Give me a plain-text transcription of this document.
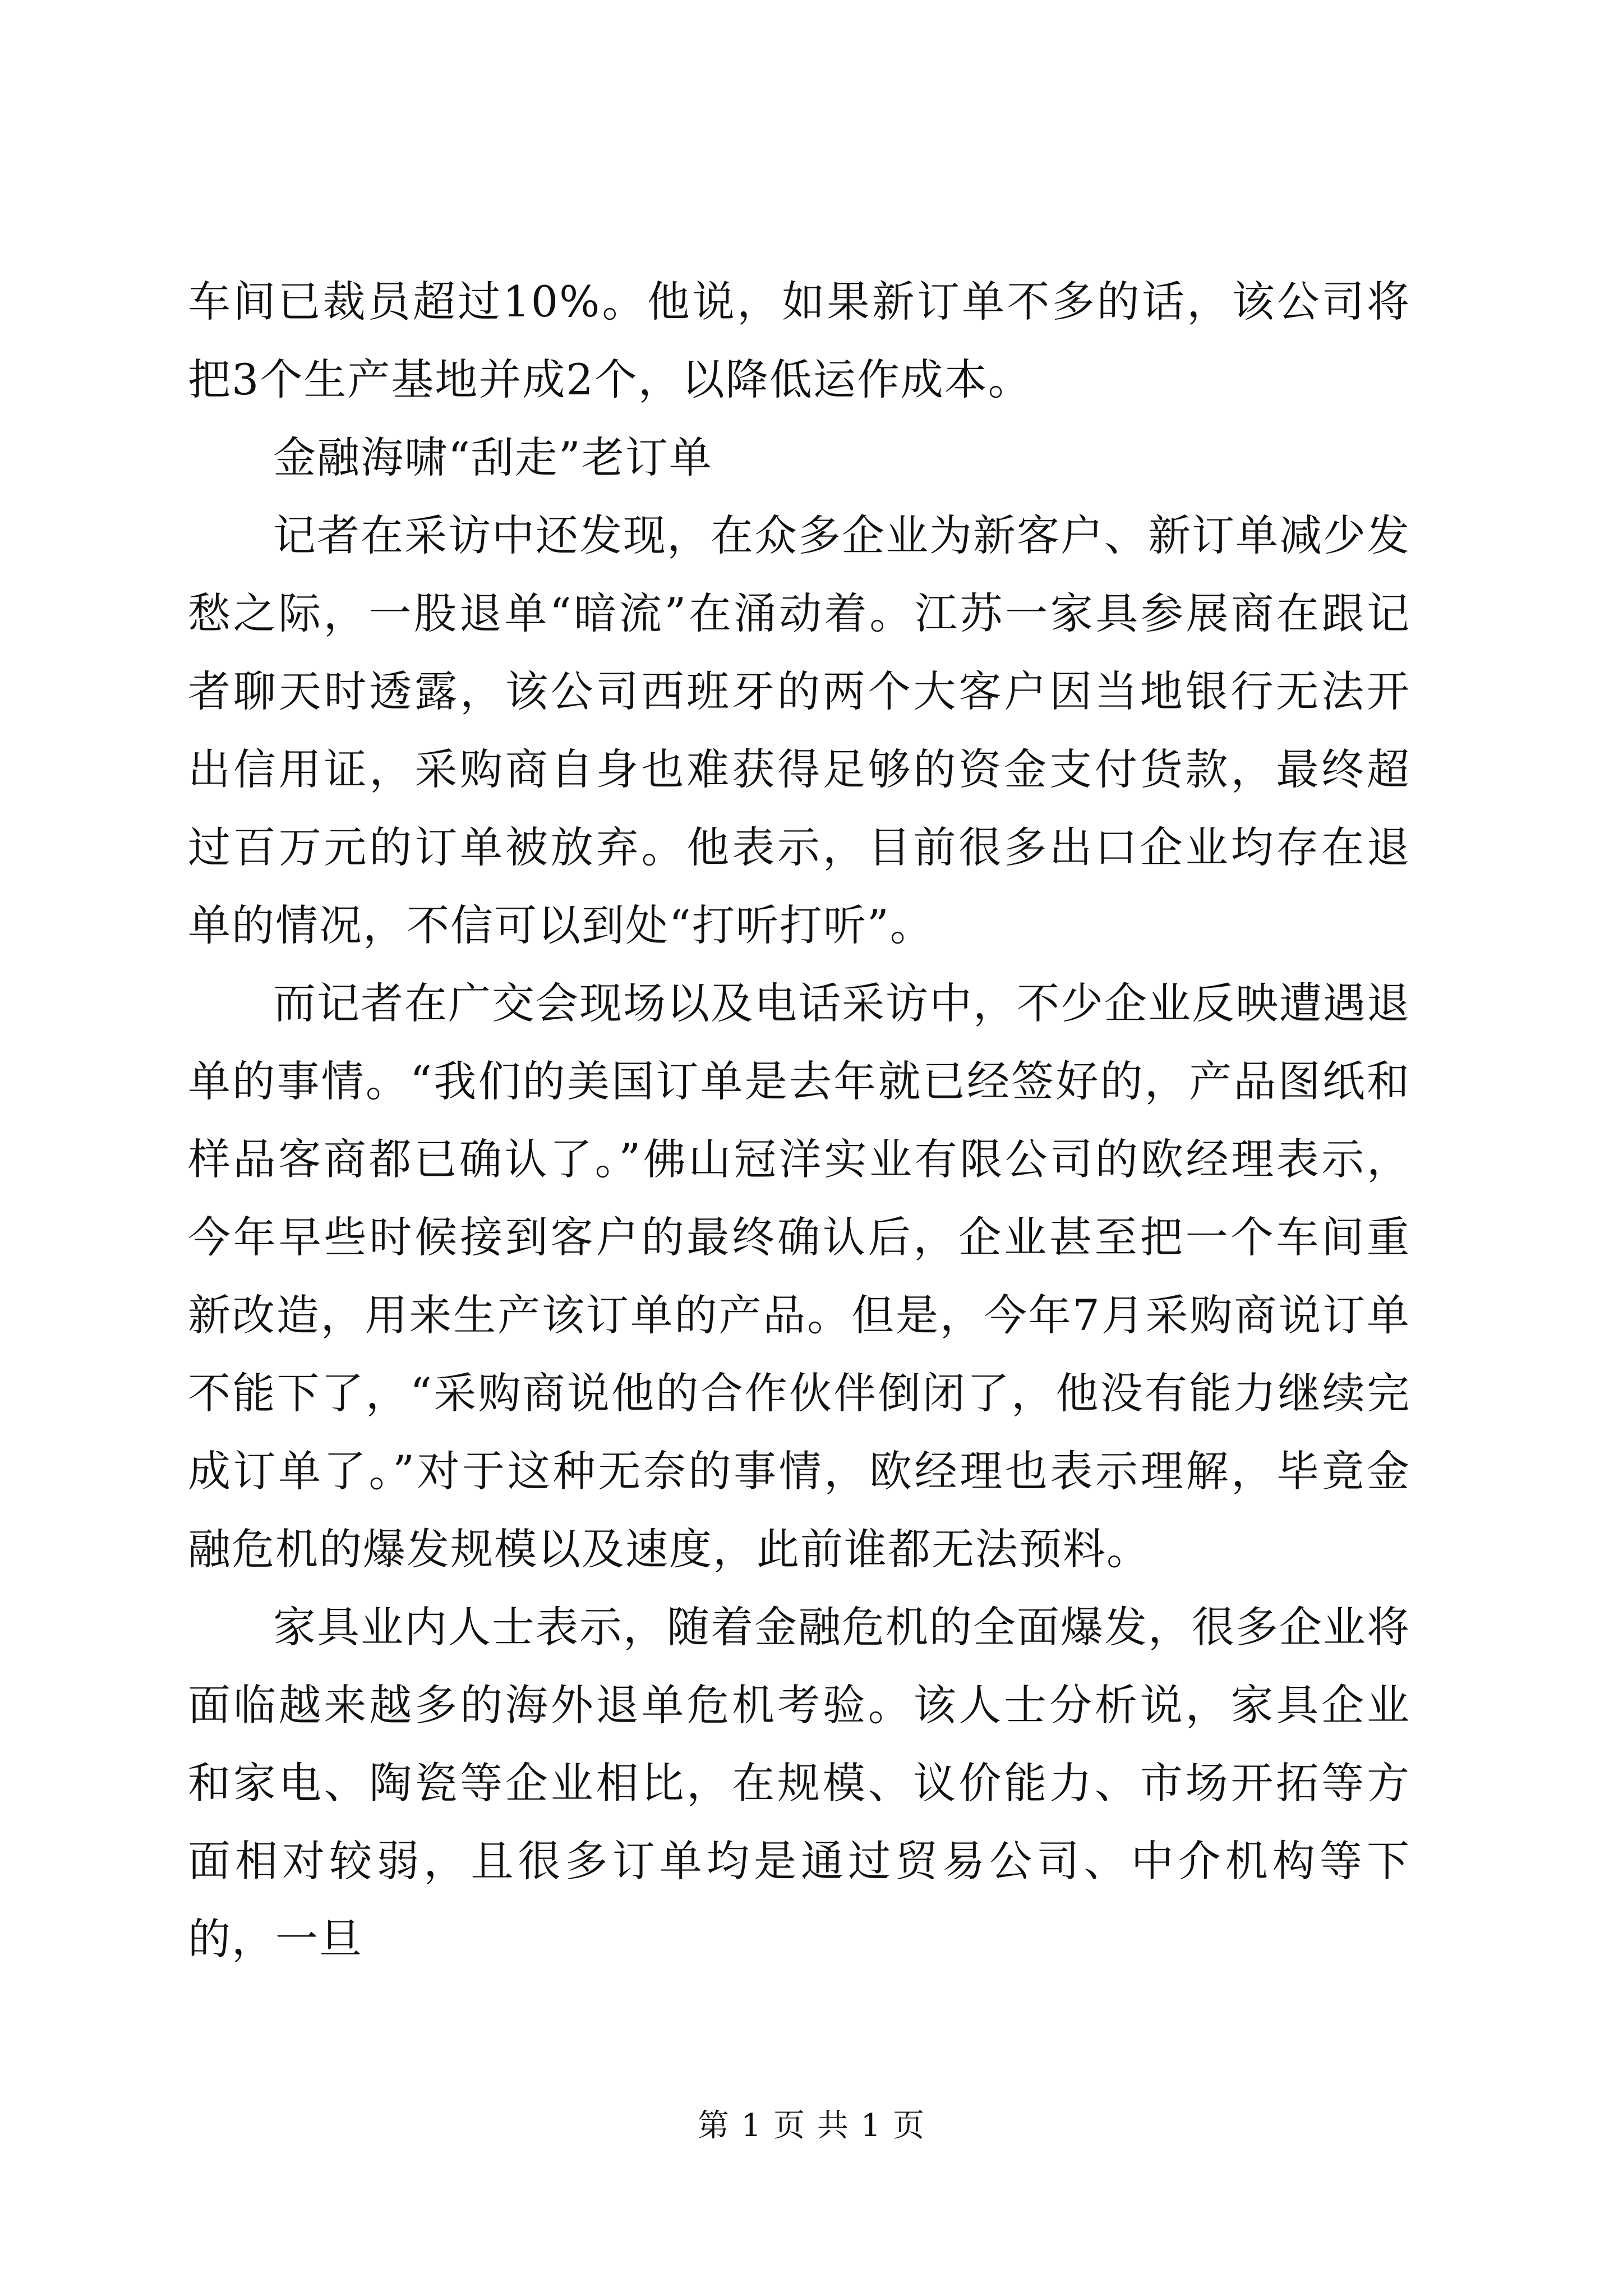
车间已裁员超过10%。他说，如果新订单不多的话，该公司将把3个生产基地并成2个，以降低运作成本。

金融海啸“刮走”老订单

记者在采访中还发现，在众多企业为新客户、新订单减少发愁之际，一股退单“暗流”在涌动着。江苏一家具参展商在跟记者聊天时透露，该公司西班牙的两个大客户因当地银行无法开出信用证，采购商自身也难获得足够的资金支付货款，最终超过百万元的订单被放弃。他表示，目前很多出口企业均存在退单的情况，不信可以到处“打听打听”。

而记者在广交会现场以及电话采访中，不少企业反映遭遇退单的事情。“我们的美国订单是去年就已经签好的，产品图纸和样品客商都已确认了。”佛山冠洋实业有限公司的欧经理表示，今年早些时候接到客户的最终确认后，企业甚至把一个车间重新改造，用来生产该订单的产品。但是，今年7月采购商说订单不能下了，“采购商说他的合作伙伴倒闭了，他没有能力继续完成订单了。”对于这种无奈的事情，欧经理也表示理解，毕竟金融危机的爆发规模以及速度，此前谁都无法预料。

家具业内人士表示，随着金融危机的全面爆发，很多企业将面临越来越多的海外退单危机考验。该人士分析说，家具企业和家电、陶瓷等企业相比，在规模、议价能力、市场开拓等方面相对较弱，且很多订单均是通过贸易公司、中介机构等下的，一旦

第 1 页 共 1 页
